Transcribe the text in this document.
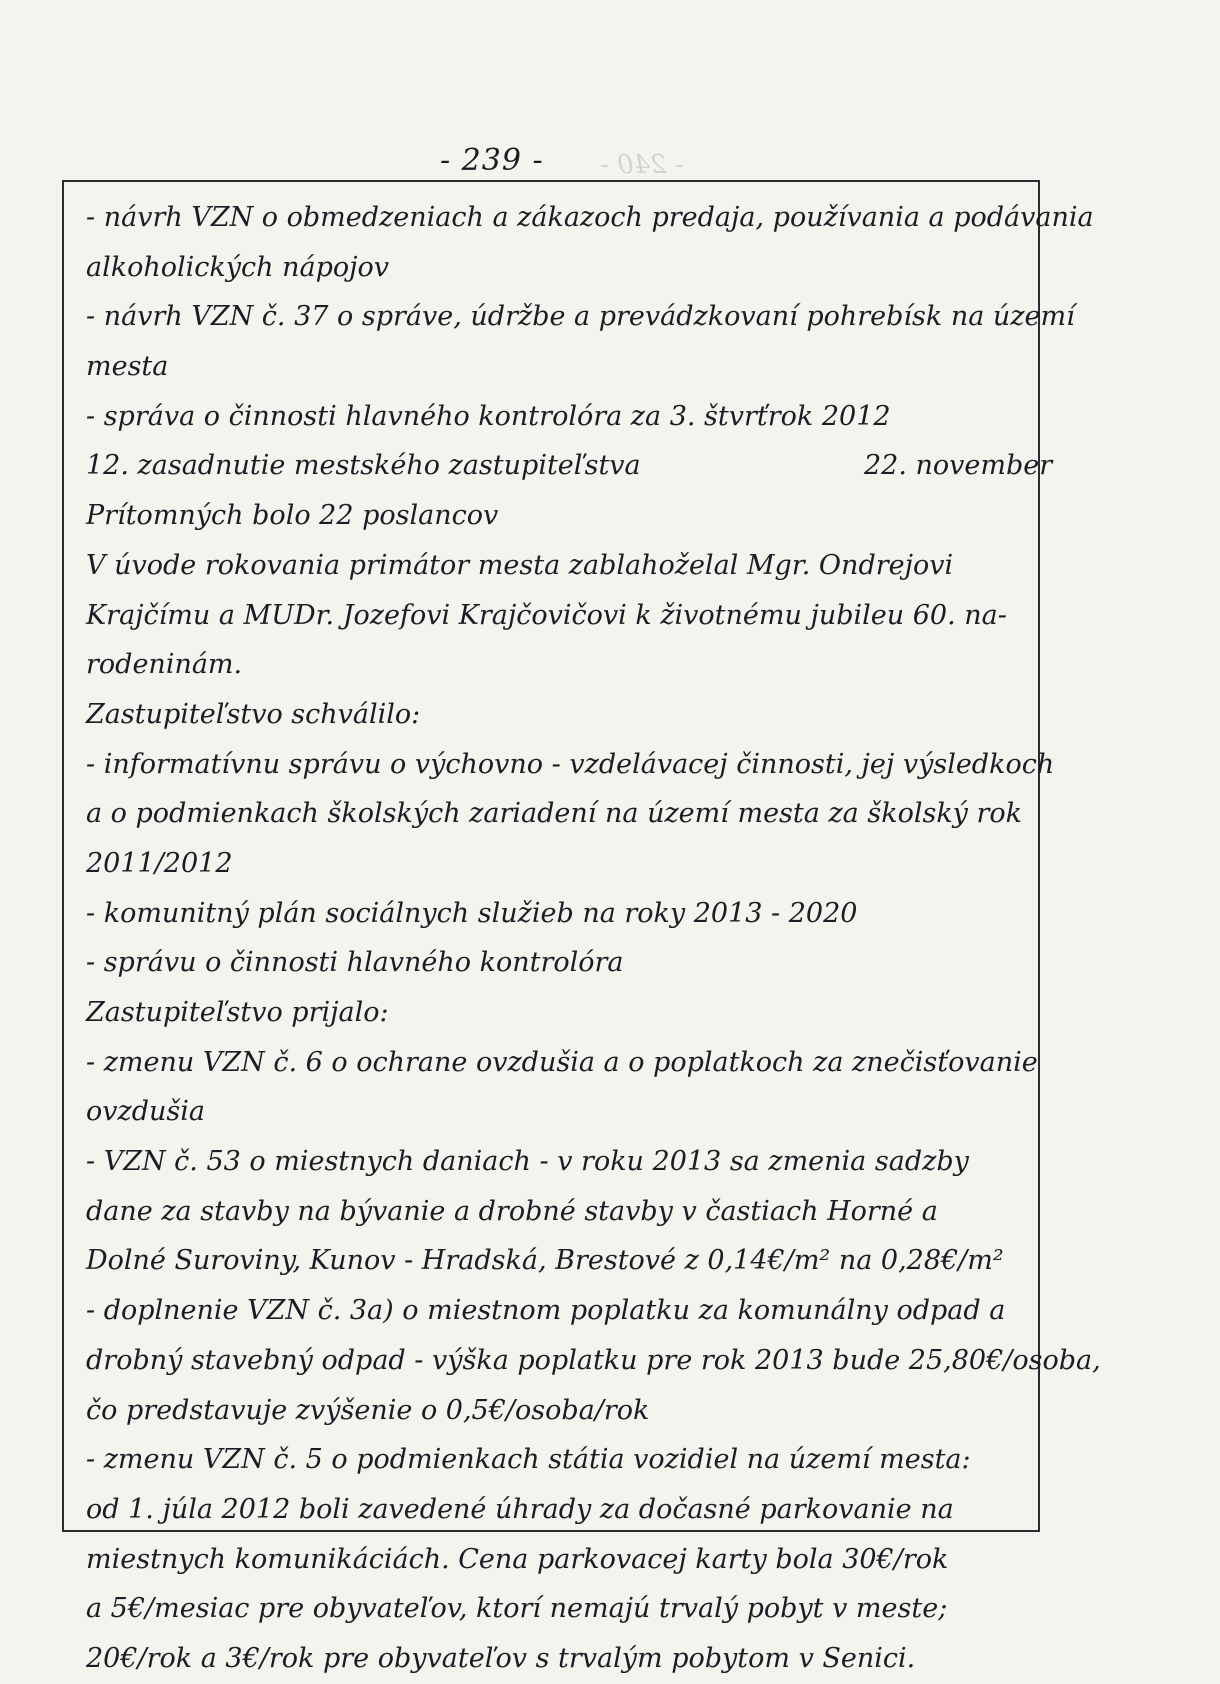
- 240 -
- 239 -
- návrh VZN o obmedzeniach a zákazoch predaja, používania a podávania
alkoholických nápojov
- návrh VZN č. 37 o správe, údržbe a prevádzkovaní pohrebísk na území
mesta
- správa o činnosti hlavného kontrolóra za 3. štvrťrok 2012
12. zasadnutie mestského zastupiteľstva	22. november
Prítomných bolo 22 poslancov
V úvode rokovania primátor mesta zablahoželal Mgr. Ondrejovi
Krajčímu a MUDr. Jozefovi Krajčovičovi k životnému jubileu 60. na-
rodeninám.
Zastupiteľstvo schválilo:
- informatívnu správu o výchovno - vzdelávacej činnosti, jej výsledkoch
a o podmienkach školských zariadení na území mesta za školský rok
2011/2012
- komunitný plán sociálnych služieb na roky 2013 - 2020
- správu o činnosti hlavného kontrolóra
Zastupiteľstvo prijalo:
- zmenu VZN č. 6 o ochrane ovzdušia a o poplatkoch za znečisťovanie
ovzdušia
- VZN č. 53 o miestnych daniach - v roku 2013 sa zmenia sadzby
dane za stavby na bývanie a drobné stavby v častiach Horné a
Dolné Suroviny, Kunov - Hradská, Brestové z 0,14€/m² na 0,28€/m²
- doplnenie VZN č. 3a) o miestnom poplatku za komunálny odpad a
drobný stavebný odpad - výška poplatku pre rok 2013 bude 25,80€/osoba,
čo predstavuje zvýšenie o 0,5€/osoba/rok
- zmenu VZN č. 5 o podmienkach státia vozidiel na území mesta:
od 1. júla 2012 boli zavedené úhrady za dočasné parkovanie na
miestnych komunikáciách. Cena parkovacej karty bola 30€/rok
a 5€/mesiac pre obyvateľov, ktorí nemajú trvalý pobyt v meste;
20€/rok a 3€/rok pre obyvateľov s trvalým pobytom v Senici.
